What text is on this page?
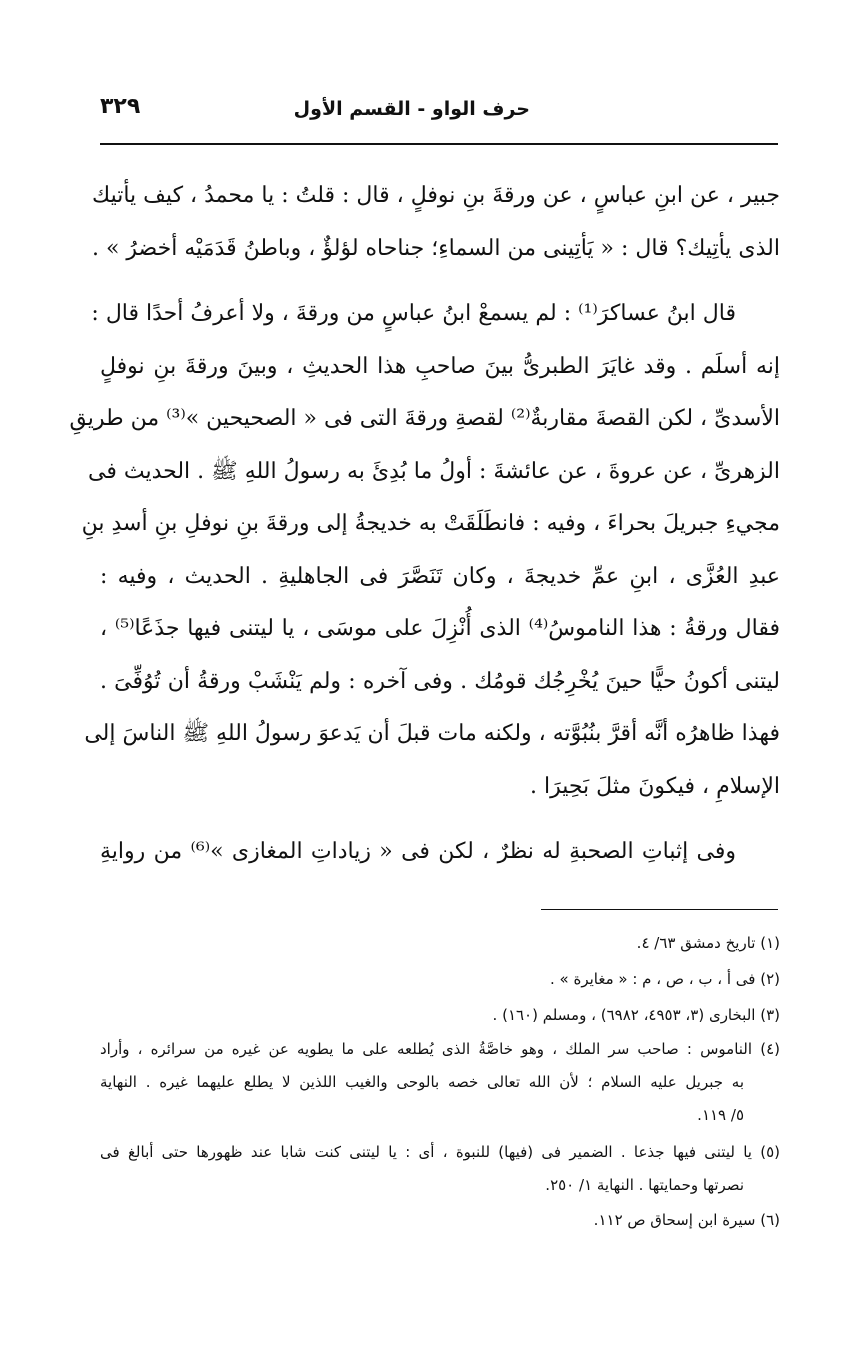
حرف الواو - القسم الأول
٣٢٩
جبير ، عن ابنِ عباسٍ ، عن ورقةَ بنِ نوفلٍ ، قال : قلتُ : يا محمدُ ، كيف يأتيك
الذى يأتِيك؟ قال : « يَأتِينى من السماءِ؛ جناحاه لؤلؤٌ ، وباطنُ قَدَمَيْه أخضرُ » .
قال ابنُ عساكرَ⁽¹⁾ : لم يسمعْ ابنُ عباسٍ من ورقةَ ، ولا أعرفُ أحدًا قال :
إنه أسلَم . وقد غايَرَ الطبرىُّ بينَ صاحبِ هذا الحديثِ ، وبينَ ورقةَ بنِ نوفلٍ
الأسدىِّ ، لكن القصةَ مقاربةٌ⁽²⁾ لقصةِ ورقةَ التى فى « الصحيحين »⁽³⁾ من طريقِ
الزهرىِّ ، عن عروةَ ، عن عائشةَ : أولُ ما بُدِئَ به رسولُ اللهِ ﷺ . الحديث فى
مجيءِ جبريلَ بحراءَ ، وفيه : فانطَلَقَتْ به خديجةُ إلى ورقةَ بنِ نوفلِ بنِ أسدِ بنِ
عبدِ العُزَّى ، ابنِ عمِّ خديجةَ ، وكان تَنَصَّرَ فى الجاهليةِ . الحديث ، وفيه :
فقال ورقةُ : هذا الناموسُ⁽⁴⁾ الذى أُنْزِلَ على موسَى ، يا ليتنى فيها جذَعًا⁽⁵⁾ ،
ليتنى أكونُ حيًّا حينَ يُخْرِجُك قومُك . وفى آخره : ولم يَنْشَبْ ورقةُ أن تُوُفِّىَ .
فهذا ظاهرُه أنَّه أقرَّ بنُبُوَّته ، ولكنه مات قبلَ أن يَدعوَ رسولُ اللهِ ﷺ الناسَ إلى
الإسلامِ ، فيكونَ مثلَ بَحِيرَا .
وفى إثباتِ الصحبةِ له نظرٌ ، لكن فى « زياداتِ المغازى »⁽⁶⁾ من روايةِ
(١) تاريخ دمشق ٦٣/ ٤.
(٢) فى أ ، ب ، ص ، م : « مغايرة » .
(٣) البخارى (٣، ٤٩٥٣، ٦٩٨٢) ، ومسلم (١٦٠) .
(٤) الناموس : صاحب سر الملك ، وهو خاصَّةُ الذى يُطلعه على ما يطويه عن غيره من سرائره ، وأراد
به جبريل عليه السلام ؛ لأن الله تعالى خصه بالوحى والغيب اللذين لا يطلع عليهما غيره . النهاية
٥/ ١١٩.
(٥) يا ليتنى فيها جذعا . الضمير فى (فيها) للنبوة ، أى : يا ليتنى كنت شابا عند ظهورها حتى أبالغ فى
نصرتها وحمايتها . النهاية ١/ ٢٥٠.
(٦) سيرة ابن إسحاق ص ١١٢.
